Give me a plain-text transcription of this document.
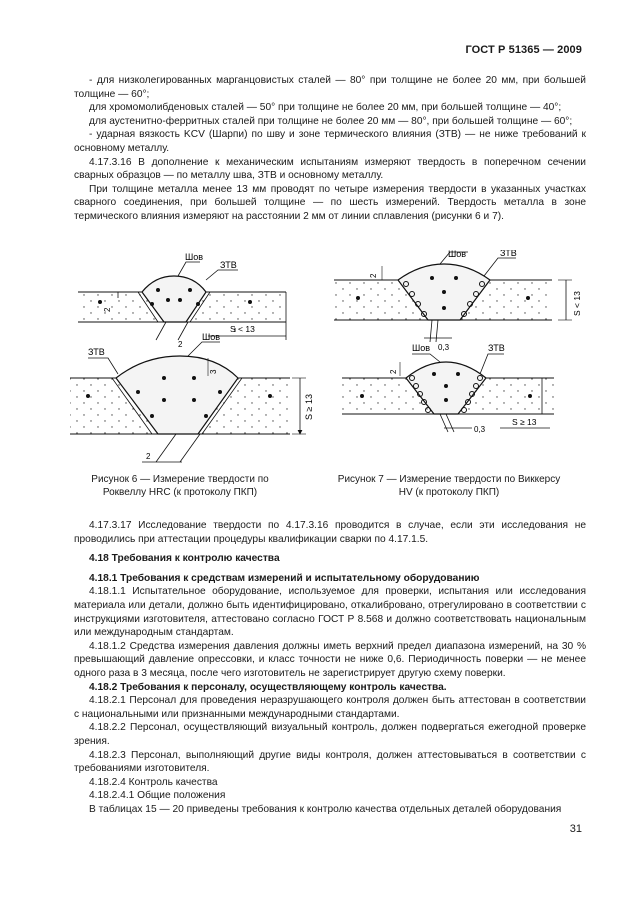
ГОСТ Р 51365 — 2009

- для низколегированных марганцовистых сталей — 80° при толщине не более 20 мм, при большей толщине — 60°;

для хромомолибденовых сталей — 50° при толщине не более 20 мм, при большей толщине — 40°;

для аустенитно-ферритных сталей при толщине не более 20 мм — 80°, при большей толщине — 60°;

- ударная вязкость KCV (Шарпи) по шву и зоне термического влияния (ЗТВ) — не ниже требований к основному металлу.

4.17.3.16 В дополнение к механическим испытаниям измеряют твердость в поперечном сечении сварных образцов — по металлу шва, ЗТВ и основному металлу.

При толщине металла менее 13 мм проводят по четыре измерения твердости в указанных участках сварного соединения, при большей толщине — по шесть измерений. Твердость металла в зоне термического влияния измеряют на расстоянии 2 мм от линии сплавления (рисунки 6 и 7).

Шов
ЗТВ
2
2
S < 13
Шов
ЗТВ
3
2
S ≥ 13
Шов	ЗТВ
2
0,3
S < 13
Шов	ЗТВ
2
0,3
S ≥ 13
Рисунок 6 — Измерение твердости по Роквеллу HRC (к протоколу ПКП)
Рисунок 7 — Измерение твердости по Виккерсу HV (к протоколу ПКП)

4.17.3.17 Исследование твердости по 4.17.3.16 проводится в случае, если эти исследования не проводились при аттестации процедуры квалификации сварки по 4.17.1.5.

4.18 Требования к контролю качества

4.18.1 Требования к средствам измерений и испытательному оборудованию

4.18.1.1 Испытательное оборудование, используемое для проверки, испытания или исследования материала или детали, должно быть идентифицировано, откалибровано, отрегулировано в соответствии с инструкциями изготовителя, аттестовано согласно ГОСТ Р 8.568 и должно соответствовать национальным или международным стандартам.

4.18.1.2 Средства измерения давления должны иметь верхний предел диапазона измерений, на 30 % превышающий давление опрессовки, и класс точности не ниже 0,6. Периодичность поверки — не менее одного раза в 3 месяца, после чего изготовитель не зарегистрирует другую схему поверки.

4.18.2 Требования к персоналу, осуществляющему контроль качества.

4.18.2.1 Персонал для проведения неразрушающего контроля должен быть аттестован в соответствии с национальными или признанными международными стандартами.

4.18.2.2 Персонал, осуществляющий визуальный контроль, должен подвергаться ежегодной проверке зрения.

4.18.2.3 Персонал, выполняющий другие виды контроля, должен аттестовываться в соответствии с требованиями изготовителя.

4.18.2.4 Контроль качества

4.18.2.4.1 Общие положения

В таблицах 15 — 20 приведены требования к контролю качества отдельных деталей оборудования

31
